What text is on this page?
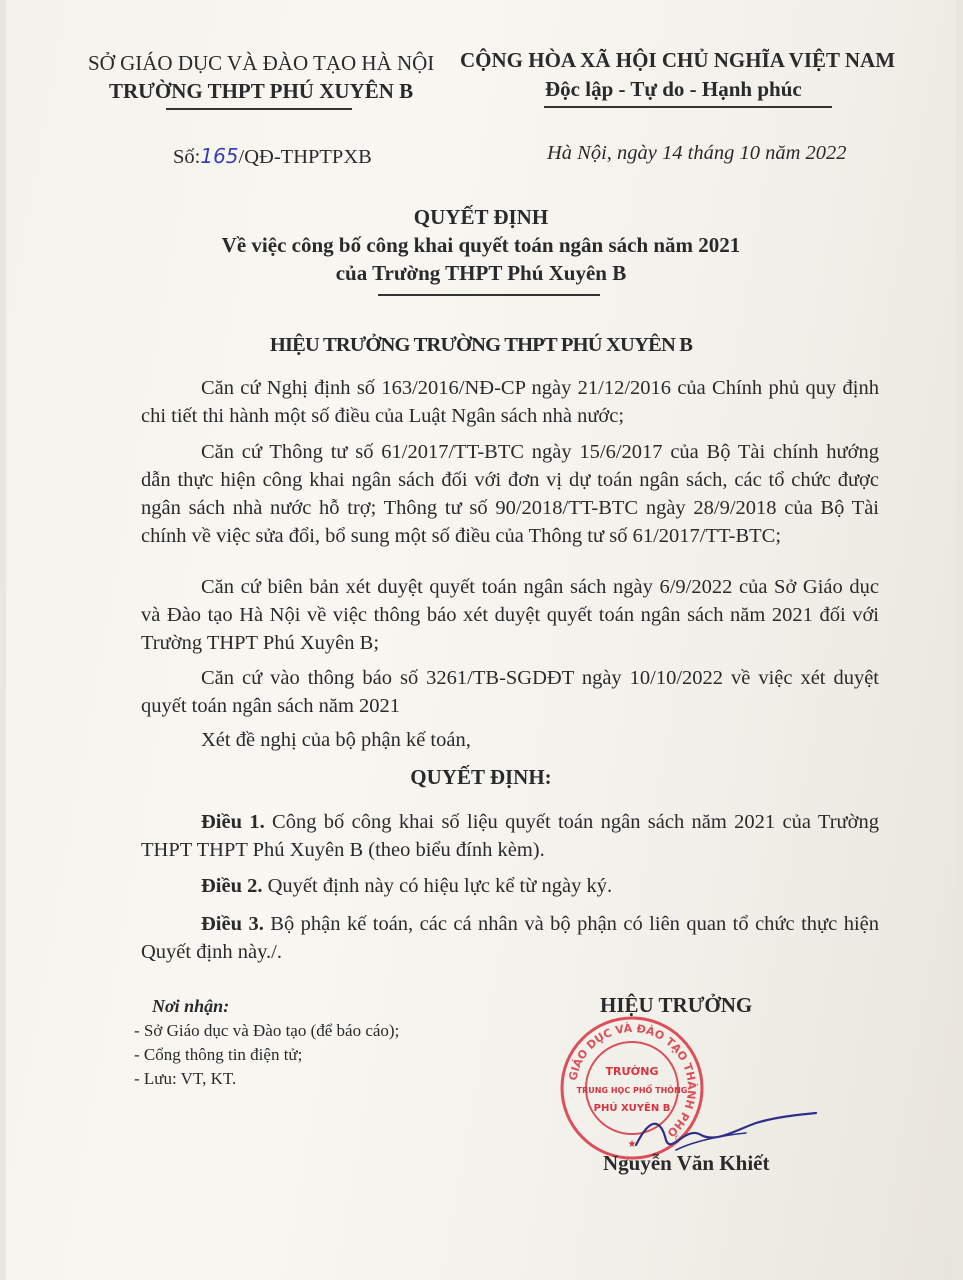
SỞ GIÁO DỤC VÀ ĐÀO TẠO HÀ NỘI
TRƯỜNG THPT PHÚ XUYÊN B
CỘNG HÒA XÃ HỘI CHỦ NGHĨA VIỆT NAM
Độc lập - Tự do - Hạnh phúc
Số:165/QĐ-THPTPXB	Hà Nội, ngày 14 tháng 10 năm 2022
QUYẾT ĐỊNH
Về việc công bố công khai quyết toán ngân sách năm 2021
của Trường THPT Phú Xuyên B
HIỆU TRƯỞNG TRƯỜNG THPT PHÚ XUYÊN B
Căn cứ Nghị định số 163/2016/NĐ-CP ngày 21/12/2016 của Chính phủ quy định chi tiết thi hành một số điều của Luật Ngân sách nhà nước;
Căn cứ Thông tư số 61/2017/TT-BTC ngày 15/6/2017 của Bộ Tài chính hướng dẫn thực hiện công khai ngân sách đối với đơn vị dự toán ngân sách, các tổ chức được ngân sách nhà nước hỗ trợ; Thông tư số 90/2018/TT-BTC ngày 28/9/2018 của Bộ Tài chính về việc sửa đổi, bổ sung một số điều của Thông tư số 61/2017/TT-BTC;
Căn cứ biên bản xét duyệt quyết toán ngân sách ngày 6/9/2022 của Sở Giáo dục và Đào tạo Hà Nội về việc thông báo xét duyệt quyết toán ngân sách năm 2021 đối với Trường THPT Phú Xuyên B;
Căn cứ vào thông báo số 3261/TB-SGDĐT ngày 10/10/2022 về việc xét duyệt quyết toán ngân sách năm 2021
Xét đề nghị của bộ phận kế toán,
QUYẾT ĐỊNH:
Điều 1. Công bố công khai số liệu quyết toán ngân sách năm 2021 của Trường THPT THPT Phú Xuyên B (theo biểu đính kèm).
Điều 2. Quyết định này có hiệu lực kể từ ngày ký.
Điều 3. Bộ phận kế toán, các cá nhân và bộ phận có liên quan tổ chức thực hiện Quyết định này./.
Nơi nhận:
- Sở Giáo dục và Đào tạo (để báo cáo);
- Cổng thông tin điện tử;
- Lưu: VT, KT.
HIỆU TRƯỞNG
GIÁO DỤC VÀ ĐÀO TẠO THÀNH PHỐ
TRƯỜNG
TRUNG HỌC PHỔ THÔNG
PHÚ XUYÊN B
★
Nguyễn Văn Khiết
